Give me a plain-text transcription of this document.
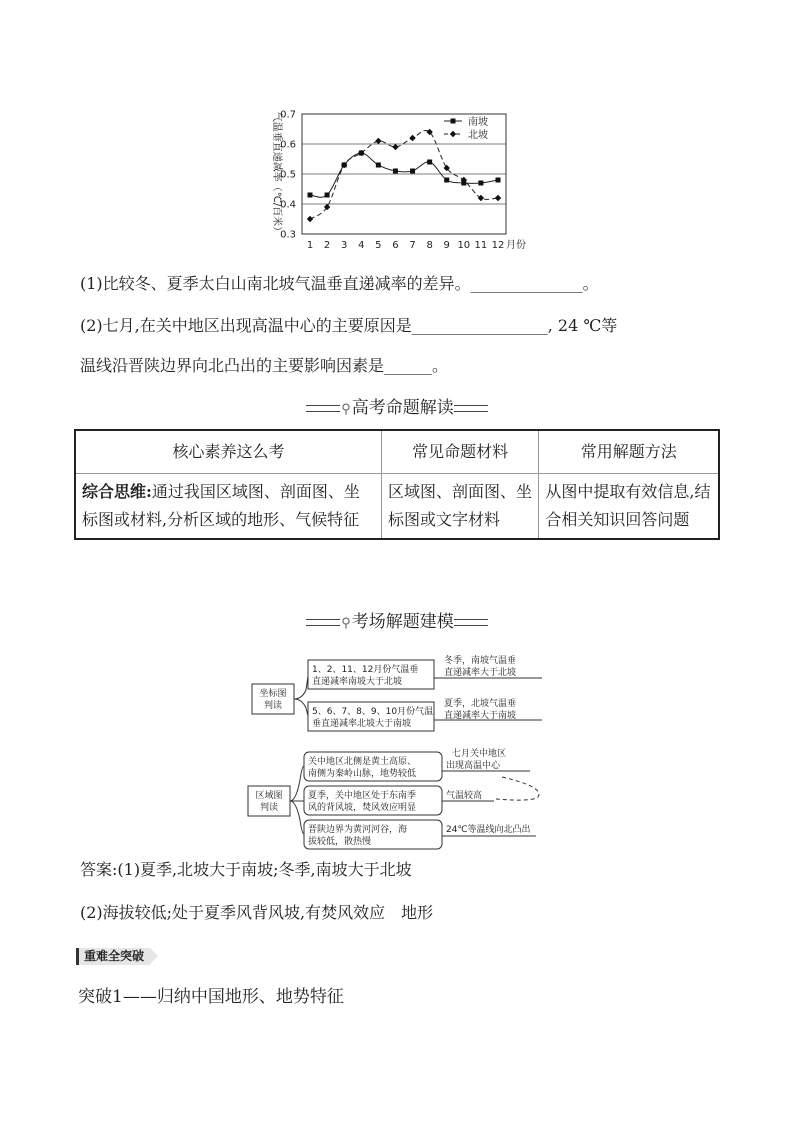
气温垂直递减率（℃/百米）
0.3
0.4
0.5
0.6
0.7
1 2 3 4 5 6 7 8 9 10 11 12 月份
南坡
北坡
(1)比较冬、夏季太白山南北坡气温垂直递减率的差异。______________。
(2)七月,在关中地区出现高温中心的主要原因是_________________, 24 ℃等
温线沿晋陕边界向北凸出的主要影响因素是______。
⚲高考命题解读
核心素养这么考	常见命题材料	常用解题方法
综合思维:通过我国区域图、剖面图、坐标图或材料,分析区域的地形、气候特征	区域图、剖面图、坐标图或文字材料	从图中提取有效信息,结合相关知识回答问题
⚲考场解题建模
坐标图
判读
1、2、11、12月份气温垂
直递减率南坡大于北坡
冬季，南坡气温垂
直递减率大于北坡
5、6、7、8、9、10月份气温
垂直递减率北坡大于南坡
夏季，北坡气温垂
直递减率大于南坡
区域图
判读
关中地区北侧是黄土高原、
南侧为秦岭山脉，地势较低
七月关中地区
出现高温中心
夏季，关中地区处于东南季
风的背风坡，焚风效应明显
气温较高
晋陕边界为黄河河谷，海
拔较低，散热慢
24℃等温线向北凸出
答案:(1)夏季,北坡大于南坡;冬季,南坡大于北坡
(2)海拔较低;处于夏季风背风坡,有焚风效应　地形
重难全突破
突破1——归纳中国地形、地势特征
